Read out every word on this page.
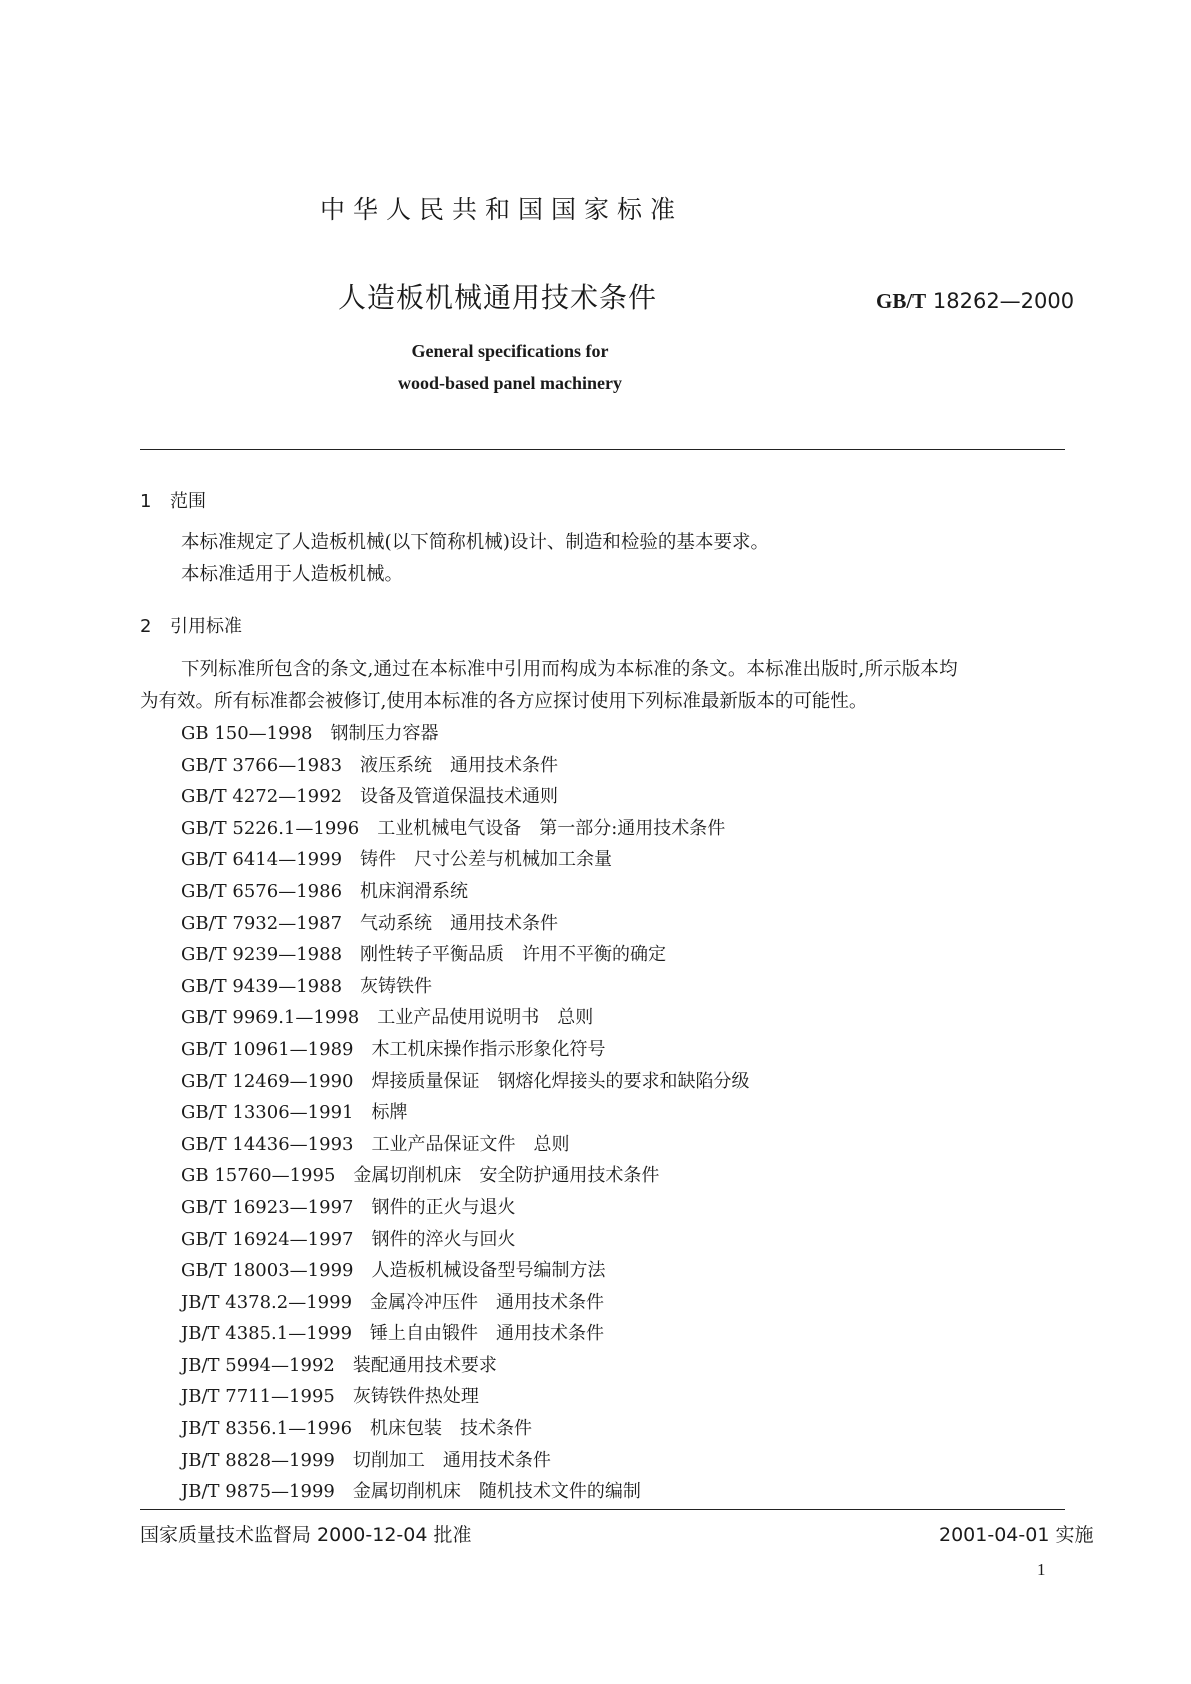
中华人民共和国国家标准
人造板机械通用技术条件	GB/T 18262—2000
General specifications for
wood-based panel machinery
1 范围
本标准规定了人造板机械(以下简称机械)设计、制造和检验的基本要求。
本标准适用于人造板机械。
2 引用标准
下列标准所包含的条文,通过在本标准中引用而构成为本标准的条文。本标准出版时,所示版本均
为有效。所有标准都会被修订,使用本标准的各方应探讨使用下列标准最新版本的可能性。
GB 150—1998 钢制压力容器
GB/T 3766—1983 液压系统　通用技术条件
GB/T 4272—1992 设备及管道保温技术通则
GB/T 5226.1—1996 工业机械电气设备　第一部分:通用技术条件
GB/T 6414—1999 铸件　尺寸公差与机械加工余量
GB/T 6576—1986 机床润滑系统
GB/T 7932—1987 气动系统　通用技术条件
GB/T 9239—1988 刚性转子平衡品质　许用不平衡的确定
GB/T 9439—1988 灰铸铁件
GB/T 9969.1—1998 工业产品使用说明书　总则
GB/T 10961—1989 木工机床操作指示形象化符号
GB/T 12469—1990 焊接质量保证　钢熔化焊接头的要求和缺陷分级
GB/T 13306—1991 标牌
GB/T 14436—1993 工业产品保证文件　总则
GB 15760—1995 金属切削机床　安全防护通用技术条件
GB/T 16923—1997 钢件的正火与退火
GB/T 16924—1997 钢件的淬火与回火
GB/T 18003—1999 人造板机械设备型号编制方法
JB/T 4378.2—1999 金属冷冲压件　通用技术条件
JB/T 4385.1—1999 锤上自由锻件　通用技术条件
JB/T 5994—1992 装配通用技术要求
JB/T 7711—1995 灰铸铁件热处理
JB/T 8356.1—1996 机床包装　技术条件
JB/T 8828—1999 切削加工　通用技术条件
JB/T 9875—1999 金属切削机床　随机技术文件的编制
国家质量技术监督局 2000-12-04 批准	2001-04-01 实施
1
